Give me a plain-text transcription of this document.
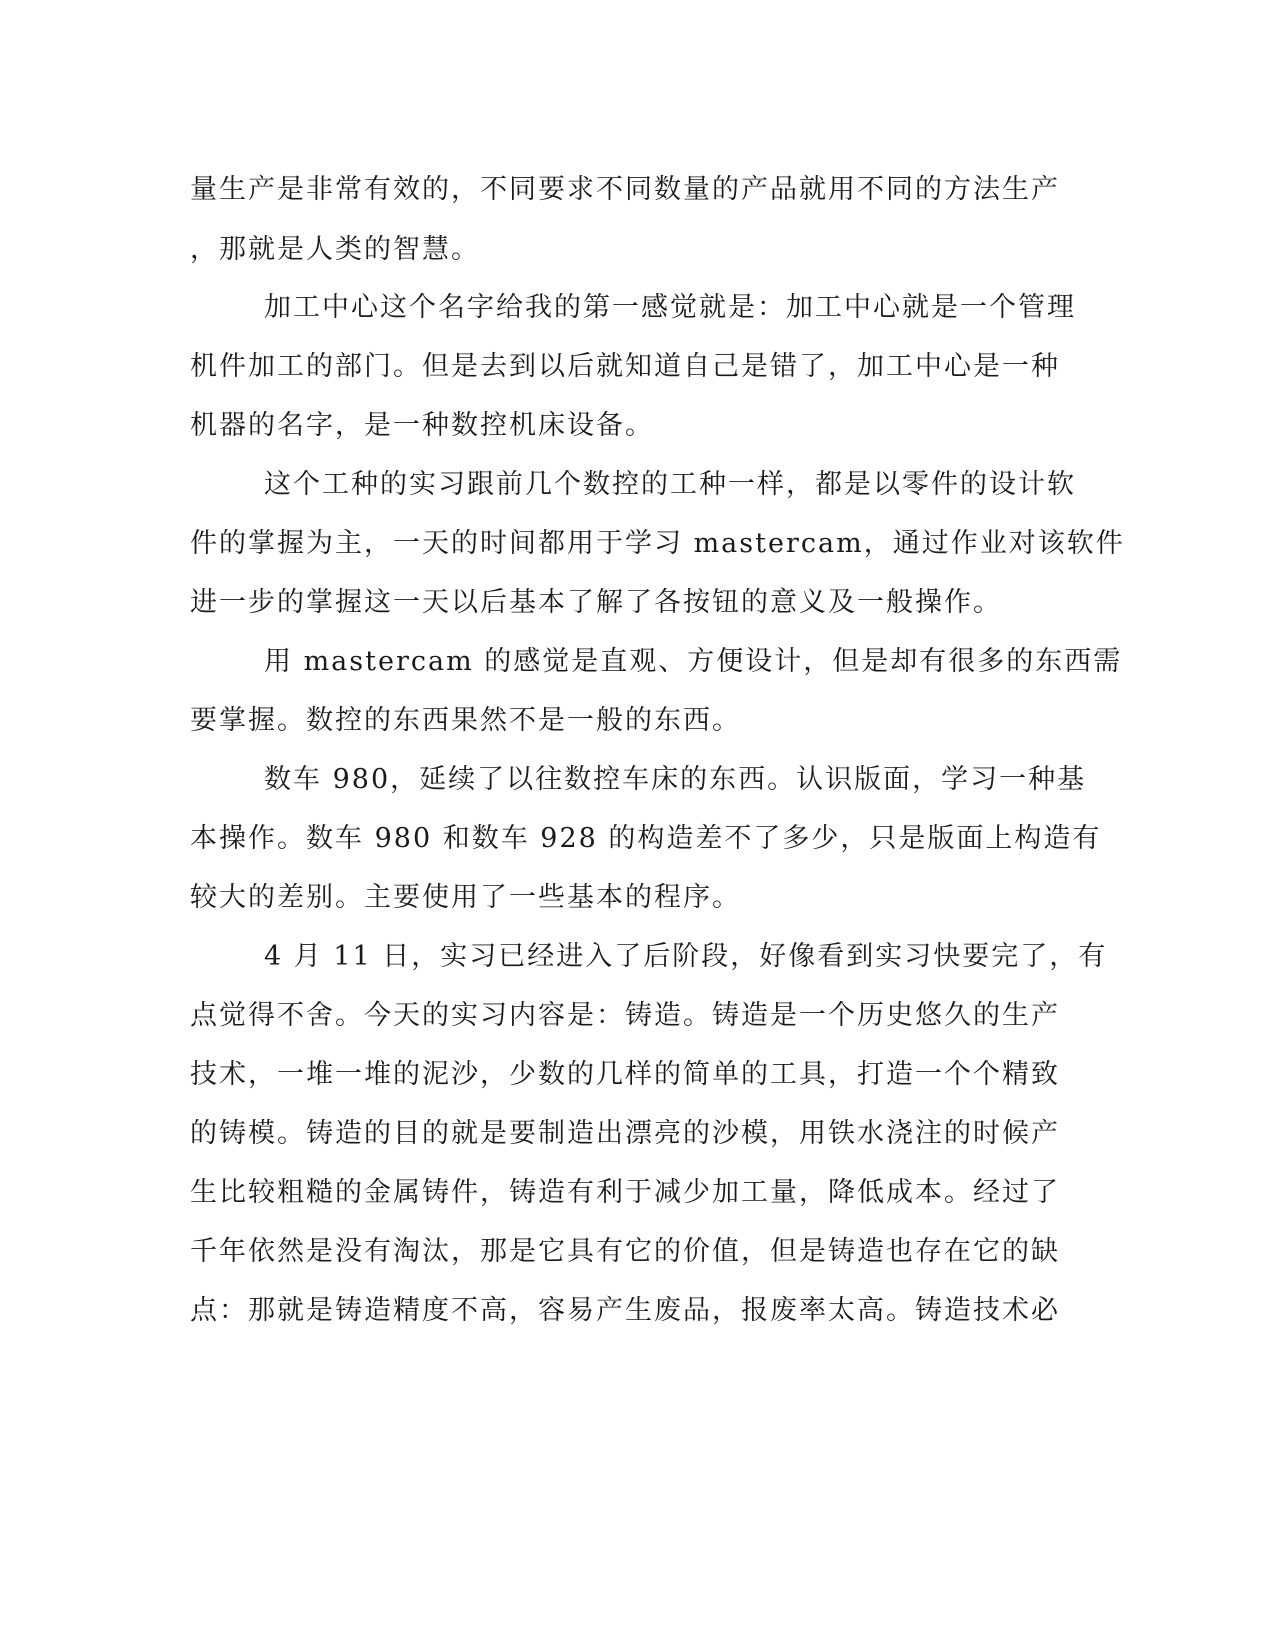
量生产是非常有效的，不同要求不同数量的产品就用不同的方法生产
，那就是人类的智慧。
加工中心这个名字给我的第一感觉就是：加工中心就是一个管理
机件加工的部门。但是去到以后就知道自己是错了，加工中心是一种
机器的名字，是一种数控机床设备。
这个工种的实习跟前几个数控的工种一样，都是以零件的设计软
件的掌握为主，一天的时间都用于学习 mastercam，通过作业对该软件
进一步的掌握这一天以后基本了解了各按钮的意义及一般操作。
用 mastercam 的感觉是直观、方便设计，但是却有很多的东西需
要掌握。数控的东西果然不是一般的东西。
数车 980，延续了以往数控车床的东西。认识版面，学习一种基
本操作。数车 980 和数车 928 的构造差不了多少，只是版面上构造有
较大的差别。主要使用了一些基本的程序。
4 月 11 日，实习已经进入了后阶段，好像看到实习快要完了，有
点觉得不舍。今天的实习内容是：铸造。铸造是一个历史悠久的生产
技术，一堆一堆的泥沙，少数的几样的简单的工具，打造一个个精致
的铸模。铸造的目的就是要制造出漂亮的沙模，用铁水浇注的时候产
生比较粗糙的金属铸件，铸造有利于减少加工量，降低成本。经过了
千年依然是没有淘汰，那是它具有它的价值，但是铸造也存在它的缺
点：那就是铸造精度不高，容易产生废品，报废率太高。铸造技术必
